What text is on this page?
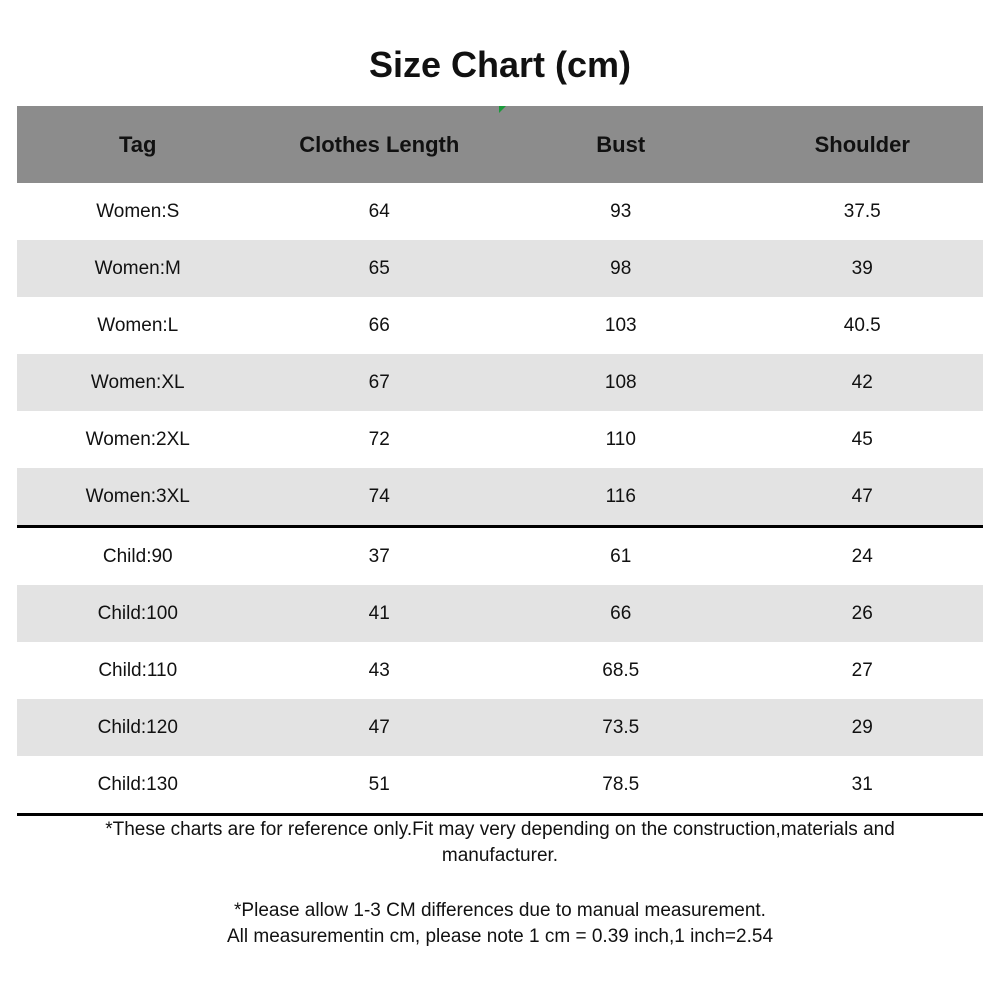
Size Chart (cm)
Tag	Clothes Length	Bust	Shoulder
Women:S	64	93	37.5
Women:M	65	98	39
Women:L	66	103	40.5
Women:XL	67	108	42
Women:2XL	72	110	45
Women:3XL	74	116	47
Child:90	37	61	24
Child:100	41	66	26
Child:110	43	68.5	27
Child:120	47	73.5	29
Child:130	51	78.5	31
*These charts are for reference only.Fit may very depending on the construction,materials and
manufacturer.
*Please allow 1-3 CM differences due to manual measurement.
All measurementin cm, please note 1 cm = 0.39 inch,1 inch=2.54
